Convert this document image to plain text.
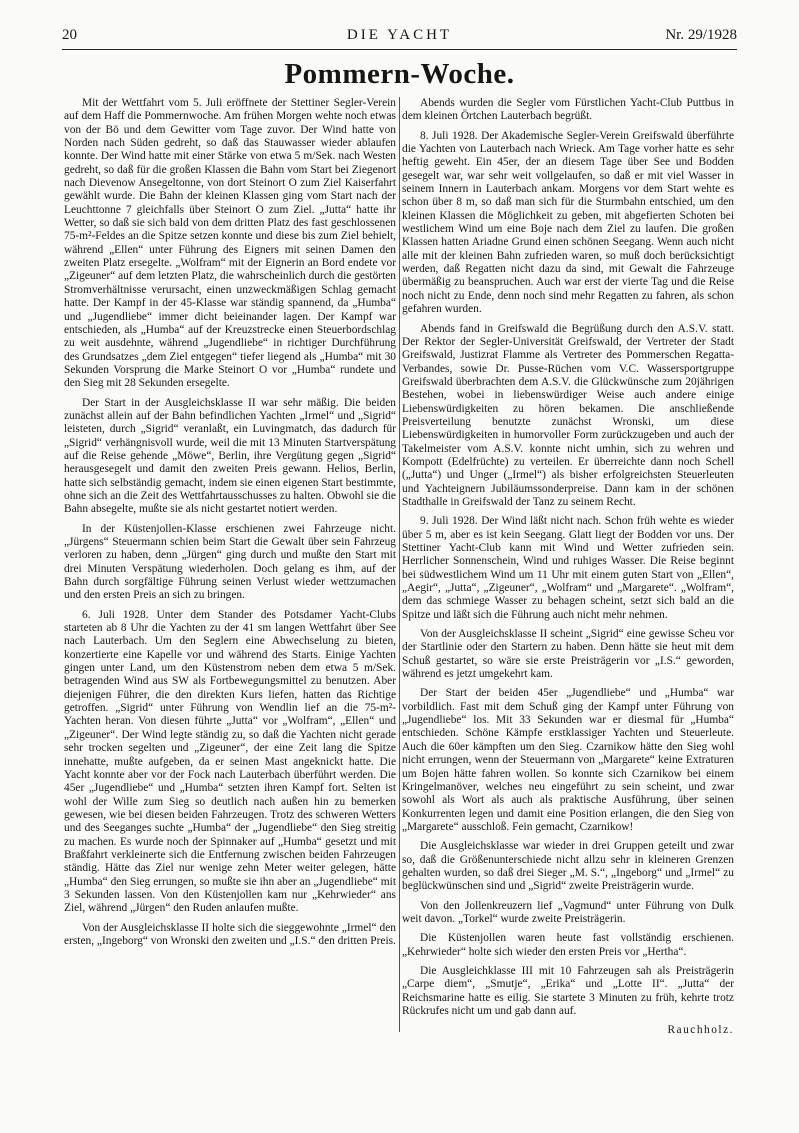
20	DIE YACHT	Nr. 29/1928
Pommern-Woche.

Mit der Wettfahrt vom 5. Juli eröffnete der Stettiner Segler-Verein auf dem Haff die Pommernwoche. Am frühen Morgen wehte noch etwas von der Bö und dem Gewitter vom Tage zuvor. Der Wind hatte von Norden nach Süden gedreht, so daß das Stauwasser wieder ablaufen konnte. Der Wind hatte mit einer Stärke von etwa 5 m/Sek. nach Westen gedreht, so daß für die großen Klassen die Bahn vom Start bei Ziegenort nach Dievenow Ansegeltonne, von dort Steinort O zum Ziel Kaiserfahrt gewählt wurde. Die Bahn der kleinen Klassen ging vom Start nach der Leuchttonne 7 gleichfalls über Steinort O zum Ziel. „Jutta“ hatte ihr Wetter, so daß sie sich bald von dem dritten Platz des fast geschlossenen 75-m²-Feldes an die Spitze setzen konnte und diese bis zum Ziel behielt, während „Ellen“ unter Führung des Eigners mit seinen Damen den zweiten Platz ersegelte. „Wolfram“ mit der Eignerin an Bord endete vor „Zigeuner“ auf dem letzten Platz, die wahrscheinlich durch die gestörten Stromverhältnisse verursacht, einen unzweckmäßigen Schlag gemacht hatte. Der Kampf in der 45-Klasse war ständig spannend, da „Humba“ und „Jugendliebe“ immer dicht beieinander lagen. Der Kampf war entschieden, als „Humba“ auf der Kreuzstrecke einen Steuerbordschlag zu weit ausdehnte, während „Jugendliebe“ in richtiger Durchführung des Grundsatzes „dem Ziel entgegen“ tiefer liegend als „Humba“ mit 30 Sekunden Vorsprung die Marke Steinort O vor „Humba“ rundete und den Sieg mit 28 Sekunden ersegelte.

Der Start in der Ausgleichsklasse II war sehr mäßig. Die beiden zunächst allein auf der Bahn befindlichen Yachten „Irmel“ und „Sigrid“ leisteten, durch „Sigrid“ veranlaßt, ein Luvingmatch, das dadurch für „Sigrid“ verhängnisvoll wurde, weil die mit 13 Minuten Startverspätung auf die Reise gehende „Möwe“, Berlin, ihre Vergütung gegen „Sigrid“ herausgesegelt und damit den zweiten Preis gewann. Helios, Berlin, hatte sich selbständig gemacht, indem sie einen eigenen Start bestimmte, ohne sich an die Zeit des Wettfahrtausschusses zu halten. Obwohl sie die Bahn absegelte, mußte sie als nicht gestartet notiert werden.

In der Küstenjollen-Klasse erschienen zwei Fahrzeuge nicht. „Jürgens“ Steuermann schien beim Start die Gewalt über sein Fahrzeug verloren zu haben, denn „Jürgen“ ging durch und mußte den Start mit drei Minuten Verspätung wiederholen. Doch gelang es ihm, auf der Bahn durch sorgfältige Führung seinen Verlust wieder wettzumachen und den ersten Preis an sich zu bringen.

6. Juli 1928. Unter dem Stander des Potsdamer Yacht-Clubs starteten ab 8 Uhr die Yachten zu der 41 sm langen Wettfahrt über See nach Lauterbach. Um den Seglern eine Abwechselung zu bieten, konzertierte eine Kapelle vor und während des Starts. Einige Yachten gingen unter Land, um den Küstenstrom neben dem etwa 5 m/Sek. betragenden Wind aus SW als Fortbewegungsmittel zu benutzen. Aber diejenigen Führer, die den direkten Kurs liefen, hatten das Richtige getroffen. „Sigrid“ unter Führung von Wendlin lief an die 75-m²-Yachten heran. Von diesen führte „Jutta“ vor „Wolfram“, „Ellen“ und „Zigeuner“. Der Wind legte ständig zu, so daß die Yachten nicht gerade sehr trocken segelten und „Zigeuner“, der eine Zeit lang die Spitze innehatte, mußte aufgeben, da er seinen Mast angeknickt hatte. Die Yacht konnte aber vor der Fock nach Lauterbach überführt werden. Die 45er „Jugendliebe“ und „Humba“ setzten ihren Kampf fort. Selten ist wohl der Wille zum Sieg so deutlich nach außen hin zu bemerken gewesen, wie bei diesen beiden Fahrzeugen. Trotz des schweren Wetters und des Seeganges suchte „Humba“ der „Jugendliebe“ den Sieg streitig zu machen. Es wurde noch der Spinnaker auf „Humba“ gesetzt und mit Braßfahrt verkleinerte sich die Entfernung zwischen beiden Fahrzeugen ständig. Hätte das Ziel nur wenige zehn Meter weiter gelegen, hätte „Humba“ den Sieg errungen, so mußte sie ihn aber an „Jugendliebe“ mit 3 Sekunden lassen. Von den Küstenjollen kam nur „Kehrwieder“ ans Ziel, während „Jürgen“ den Ruden anlaufen mußte.

Von der Ausgleichsklasse II holte sich die sieggewohnte „Irmel“ den ersten, „Ingeborg“ von Wronski den zweiten und „I.S.“ den dritten Preis.

Abends wurden die Segler vom Fürstlichen Yacht-Club Puttbus in dem kleinen Örtchen Lauterbach begrüßt.

8. Juli 1928. Der Akademische Segler-Verein Greifswald überführte die Yachten von Lauterbach nach Wrieck. Am Tage vorher hatte es sehr heftig geweht. Ein 45er, der an diesem Tage über See und Bodden gesegelt war, war sehr weit vollgelaufen, so daß er mit viel Wasser in seinem Innern in Lauterbach ankam. Morgens vor dem Start wehte es schon über 8 m, so daß man sich für die Sturmbahn entschied, um den kleinen Klassen die Möglichkeit zu geben, mit abgefierten Schoten bei westlichem Wind um eine Boje nach dem Ziel zu laufen. Die großen Klassen hatten Ariadne Grund einen schönen Seegang. Wenn auch nicht alle mit der kleinen Bahn zufrieden waren, so muß doch berücksichtigt werden, daß Regatten nicht dazu da sind, mit Gewalt die Fahrzeuge übermäßig zu beanspruchen. Auch war erst der vierte Tag und die Reise noch nicht zu Ende, denn noch sind mehr Regatten zu fahren, als schon gefahren wurden.

Abends fand in Greifswald die Begrüßung durch den A.S.V. statt. Der Rektor der Segler-Universität Greifswald, der Vertreter der Stadt Greifswald, Justizrat Flamme als Vertreter des Pommerschen Regatta-Verbandes, sowie Dr. Pusse-Rüchen vom V.C. Wassersportgruppe Greifswald überbrachten dem A.S.V. die Glückwünsche zum 20jährigen Bestehen, wobei in liebenswürdiger Weise auch andere einige Liebenswürdigkeiten zu hören bekamen. Die anschließende Preisverteilung benutzte zunächst Wronski, um diese Liebenswürdigkeiten in humorvoller Form zurückzugeben und auch der Takelmeister vom A.S.V. konnte nicht umhin, sich zu wehren und Kompott (Edelfrüchte) zu verteilen. Er überreichte dann noch Schell („Jutta“) und Unger („Irmel“) als bisher erfolgreichsten Steuerleuten und Yachteignern Jubiläumssonderpreise. Dann kam in der schönen Stadthalle in Greifswald der Tanz zu seinem Recht.

9. Juli 1928. Der Wind läßt nicht nach. Schon früh wehte es wieder über 5 m, aber es ist kein Seegang. Glatt liegt der Bodden vor uns. Der Stettiner Yacht-Club kann mit Wind und Wetter zufrieden sein. Herrlicher Sonnenschein, Wind und ruhiges Wasser. Die Reise beginnt bei südwestlichem Wind um 11 Uhr mit einem guten Start von „Ellen“, „Aegir“, „Jutta“, „Zigeuner“, „Wolfram“ und „Margarete“. „Wolfram“, dem das schmiege Wasser zu behagen scheint, setzt sich bald an die Spitze und läßt sich die Führung auch nicht mehr nehmen.

Von der Ausgleichsklasse II scheint „Sigrid“ eine gewisse Scheu vor der Startlinie oder den Startern zu haben. Denn hätte sie heut mit dem Schuß gestartet, so wäre sie erste Preisträgerin vor „I.S.“ geworden, während es jetzt umgekehrt kam.

Der Start der beiden 45er „Jugendliebe“ und „Humba“ war vorbildlich. Fast mit dem Schuß ging der Kampf unter Führung von „Jugendliebe“ los. Mit 33 Sekunden war er diesmal für „Humba“ entschieden. Schöne Kämpfe erstklassiger Yachten und Steuerleute. Auch die 60er kämpften um den Sieg. Czarnikow hätte den Sieg wohl nicht errungen, wenn der Steuermann von „Margarete“ keine Extraturen um Bojen hätte fahren wollen. So konnte sich Czarnikow bei einem Kringelmanöver, welches neu eingeführt zu sein scheint, und zwar sowohl als Wort als auch als praktische Ausführung, über seinen Konkurrenten legen und damit eine Position erlangen, die den Sieg von „Margarete“ ausschloß. Fein gemacht, Czarnikow!

Die Ausgleichsklasse war wieder in drei Gruppen geteilt und zwar so, daß die Größenunterschiede nicht allzu sehr in kleineren Grenzen gehalten wurden, so daß drei Sieger „M. S.“, „Ingeborg“ und „Irmel“ zu beglückwünschen sind und „Sigrid“ zweite Preisträgerin wurde.

Von den Jollenkreuzern lief „Vagmund“ unter Führung von Dulk weit davon. „Torkel“ wurde zweite Preisträgerin.

Die Küstenjollen waren heute fast vollständig erschienen. „Kehrwieder“ holte sich wieder den ersten Preis vor „Hertha“.

Die Ausgleichklasse III mit 10 Fahrzeugen sah als Preisträgerin „Carpe diem“, „Smutje“, „Erika“ und „Lotte II“. „Jutta“ der Reichsmarine hatte es eilig. Sie startete 3 Minuten zu früh, kehrte trotz Rückrufes nicht um und gab dann auf.

Rauchholz.
